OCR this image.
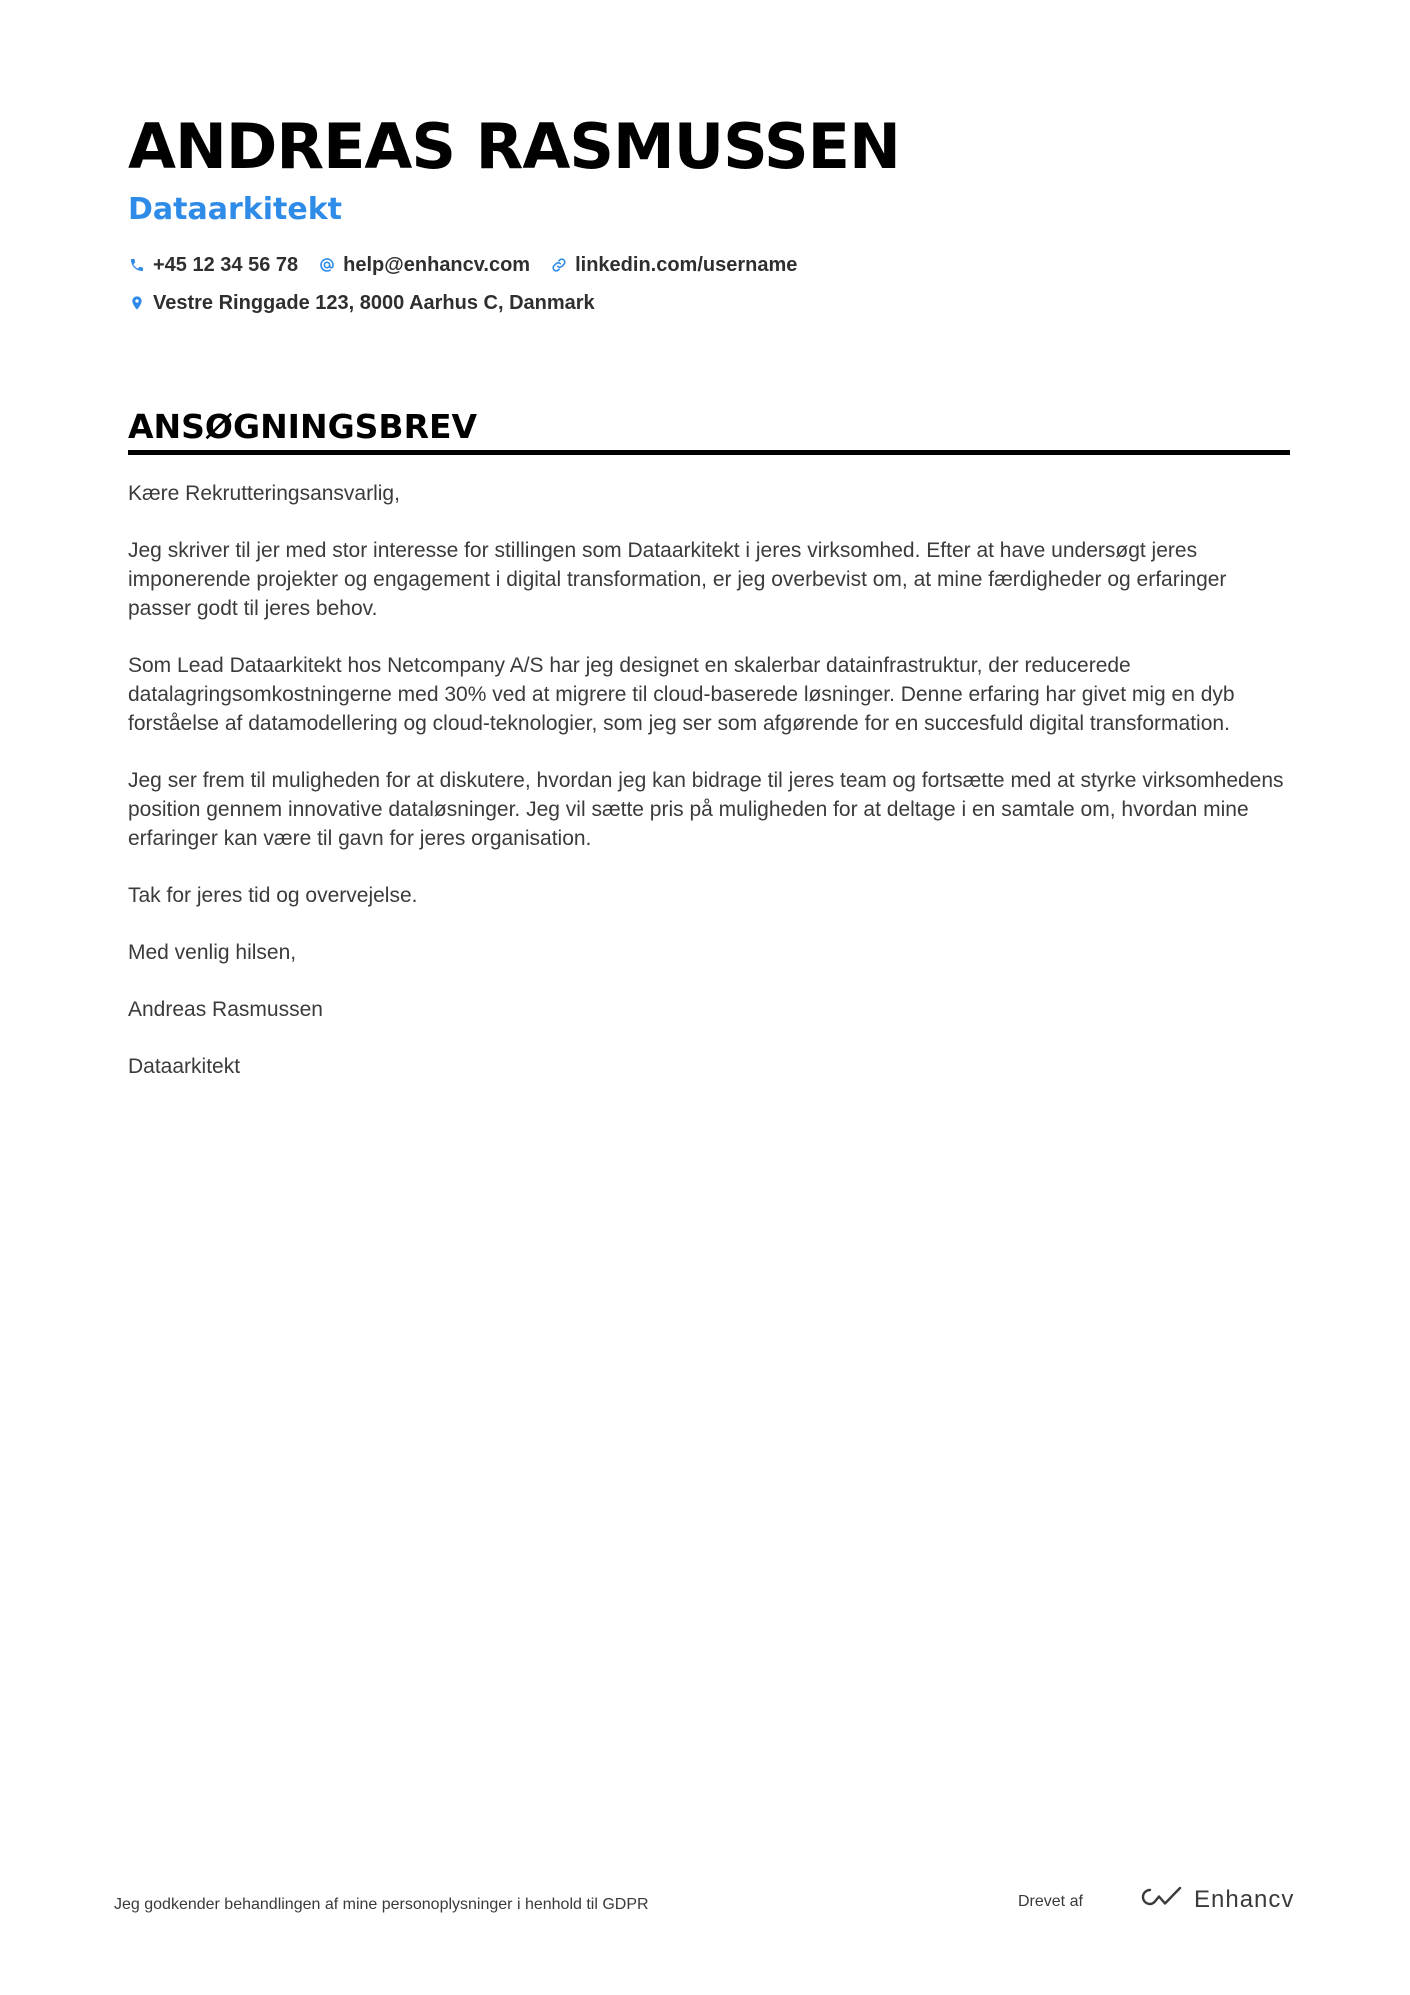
ANDREAS RASMUSSEN
Dataarkitekt
+45 12 34 56 78 help@enhancv.com linkedin.com/username
Vestre Ringgade 123, 8000 Aarhus C, Danmark
ANSØGNINGSBREV

Kære Rekrutteringsansvarlig,

Jeg skriver til jer med stor interesse for stillingen som Dataarkitekt i jeres virksomhed. Efter at have undersøgt jeres imponerende projekter og engagement i digital transformation, er jeg overbevist om, at mine færdigheder og erfaringer passer godt til jeres behov.

Som Lead Dataarkitekt hos Netcompany A/S har jeg designet en skalerbar datainfrastruktur, der reducerede datalagringsomkostningerne med 30% ved at migrere til cloud-baserede løsninger. Denne erfaring har givet mig en dyb forståelse af datamodellering og cloud-teknologier, som jeg ser som afgørende for en succesfuld digital transformation.

Jeg ser frem til muligheden for at diskutere, hvordan jeg kan bidrage til jeres team og fortsætte med at styrke virksomhedens position gennem innovative dataløsninger. Jeg vil sætte pris på muligheden for at deltage i en samtale om, hvordan mine erfaringer kan være til gavn for jeres organisation.

Tak for jeres tid og overvejelse.

Med venlig hilsen,

Andreas Rasmussen

Dataarkitekt

Jeg godkender behandlingen af mine personoplysninger i henhold til GDPR	Drevet af	Enhancv
